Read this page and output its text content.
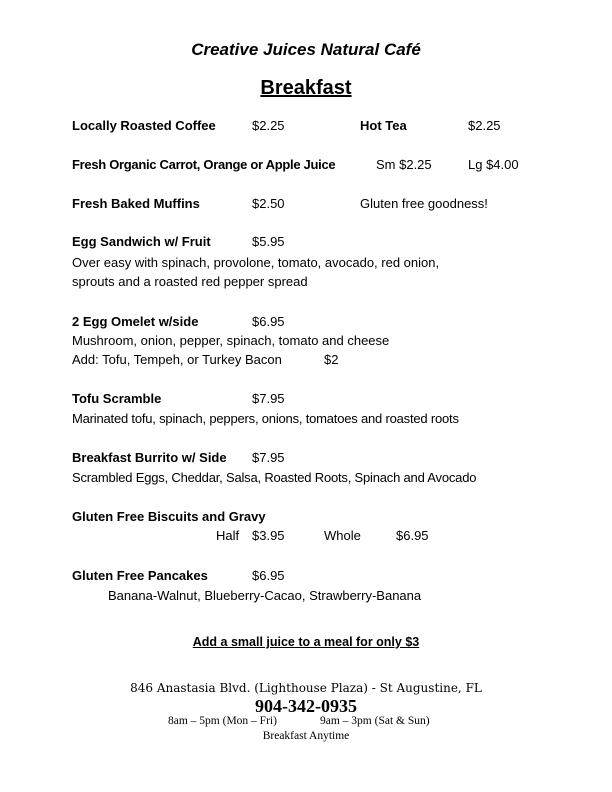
Creative Juices Natural Café
Breakfast
Locally Roasted Coffee	$2.25	Hot Tea	$2.25
Fresh Organic Carrot, Orange or Apple Juice	Sm $2.25	Lg $4.00
Fresh Baked Muffins	$2.50	Gluten free goodness!
Egg Sandwich w/ Fruit	$5.95
Over easy with spinach, provolone, tomato, avocado, red onion,
sprouts and a roasted red pepper spread
2 Egg Omelet w/side	$6.95
Mushroom, onion, pepper, spinach, tomato and cheese
Add: Tofu, Tempeh, or Turkey Bacon	$2
Tofu Scramble	$7.95
Marinated tofu, spinach, peppers, onions, tomatoes and roasted roots
Breakfast Burrito w/ Side $7.95
Scrambled Eggs, Cheddar, Salsa, Roasted Roots, Spinach and Avocado
Gluten Free Biscuits and Gravy
Half $3.95	Whole	$6.95
Gluten Free Pancakes	$6.95
Banana-Walnut, Blueberry-Cacao, Strawberry-Banana
Add a small juice to a meal for only $3
846 Anastasia Blvd. (Lighthouse Plaza) - St Augustine, FL
904-342-0935
8am – 5pm (Mon – Fri)	9am – 3pm (Sat & Sun)
Breakfast Anytime
